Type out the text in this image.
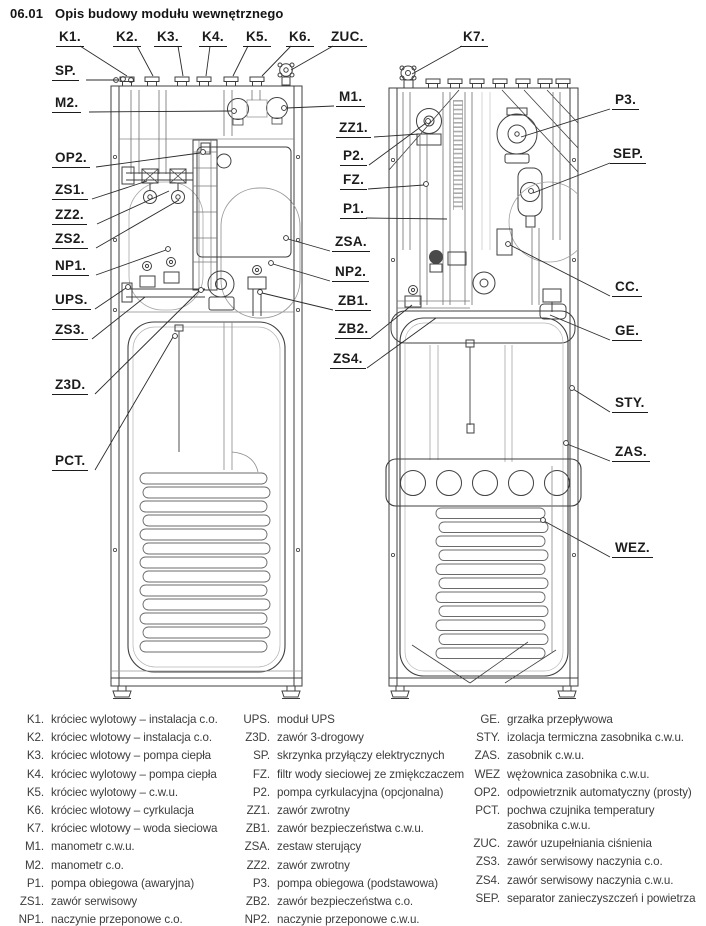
06.01 Opis budowy modułu wewnętrznego
K1.	K2. K3. K4. K5. K6. ZUC.	K7.
SP.
M2.
OP2.
ZS1.
ZZ2.
ZS2.
NP1.
UPS.
ZS3.
Z3D.
PCT.
M1.
ZZ1.
P2.
FZ.
P1.
ZSA.
NP2.
ZB1.
ZB2.
ZS4.
P3.
SEP.
CC.
GE.
STY.
ZAS.
WEZ.
K1. króciec wylotowy – instalacja c.o.
K2. króciec wlotowy – instalacja c.o.
K3. króciec wlotowy – pompa ciepła
K4. króciec wylotowy – pompa ciepła
K5. króciec wylotowy – c.w.u.
K6. króciec wlotowy – cyrkulacja
K7. króciec wlotowy – woda sieciowa
M1. manometr c.w.u.
M2. manometr c.o.
P1. pompa obiegowa (awaryjna)
ZS1. zawór serwisowy
NP1. naczynie przeponowe c.o.
UPS. moduł UPS
Z3D. zawór 3-drogowy
SP. skrzynka przyłączy elektrycznych
FZ. filtr wody sieciowej ze zmiękczaczem
P2. pompa cyrkulacyjna (opcjonalna)
ZZ1. zawór zwrotny
ZB1. zawór bezpieczeństwa c.w.u.
ZSA. zestaw sterujący
ZZ2. zawór zwrotny
P3. pompa obiegowa (podstawowa)
ZB2. zawór bezpieczeństwa c.o.
NP2. naczynie przeponowe c.w.u.
GE. grzałka przepływowa
STY. izolacja termiczna zasobnika c.w.u.
ZAS. zasobnik c.w.u.
WEZ wężownica zasobnika c.w.u.
OP2. odpowietrznik automatyczny (prosty)
PCT. pochwa czujnika temperatury
zasobnika c.w.u.
ZUC. zawór uzupełniania ciśnienia
ZS3. zawór serwisowy naczynia c.o.
ZS4. zawór serwisowy naczynia c.w.u.
SEP. separator zanieczyszczeń i powietrza
